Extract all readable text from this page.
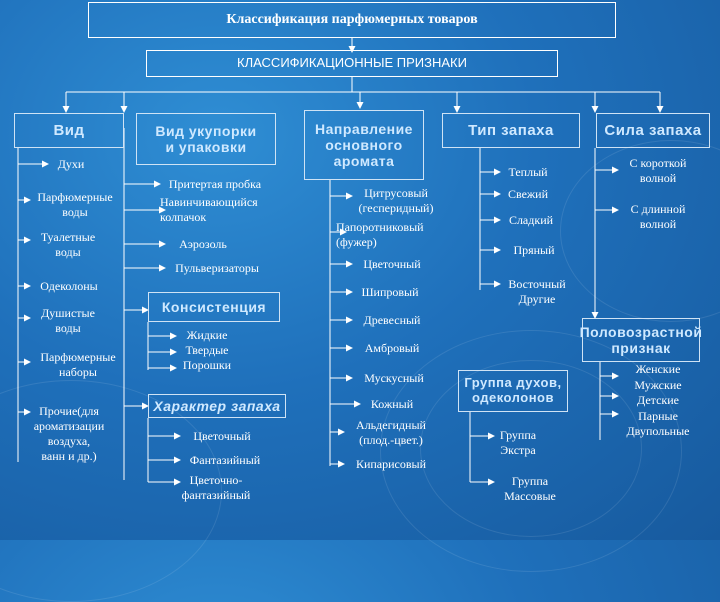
Классификация парфюмерных товаров
КЛАССИФИКАЦИОННЫЕ ПРИЗНАКИ
Вид	Вид укупорки
и упаковки
Направление
основного
аромата
Тип запаха	Сила запаха
Консистенция
Характер запаха
Группа духов,
одеколонов
Половозрастной
признак
Духи
Парфюмерные
воды
Туалетные
воды
Одеколоны
Душистые
воды
Парфюмерные
наборы
Прочие(для
ароматизации
воздуха,
ванн и др.)
Притертая пробка
Навинчивающийся
колпачок
Аэрозоль
Пульверизаторы
Жидкие
Твердые
Порошки
Цветочный
Фантазийный
Цветочно-
фантазийный
Цитрусовый
(гесперидный)
Папоротниковый
(фужер)
Цветочный
Шипровый
Древесный
Амбровый
Мускусный
Кожный
Альдегидный
(плод.-цвет.)
Кипарисовый
Теплый
Свежий
Сладкий
Пряный
Восточный
Другие
Группа
Экстра
Группа
Массовые
С короткой
волной
С длинной
волной
Женские
Мужские
Детские
Парные
Двупольные
